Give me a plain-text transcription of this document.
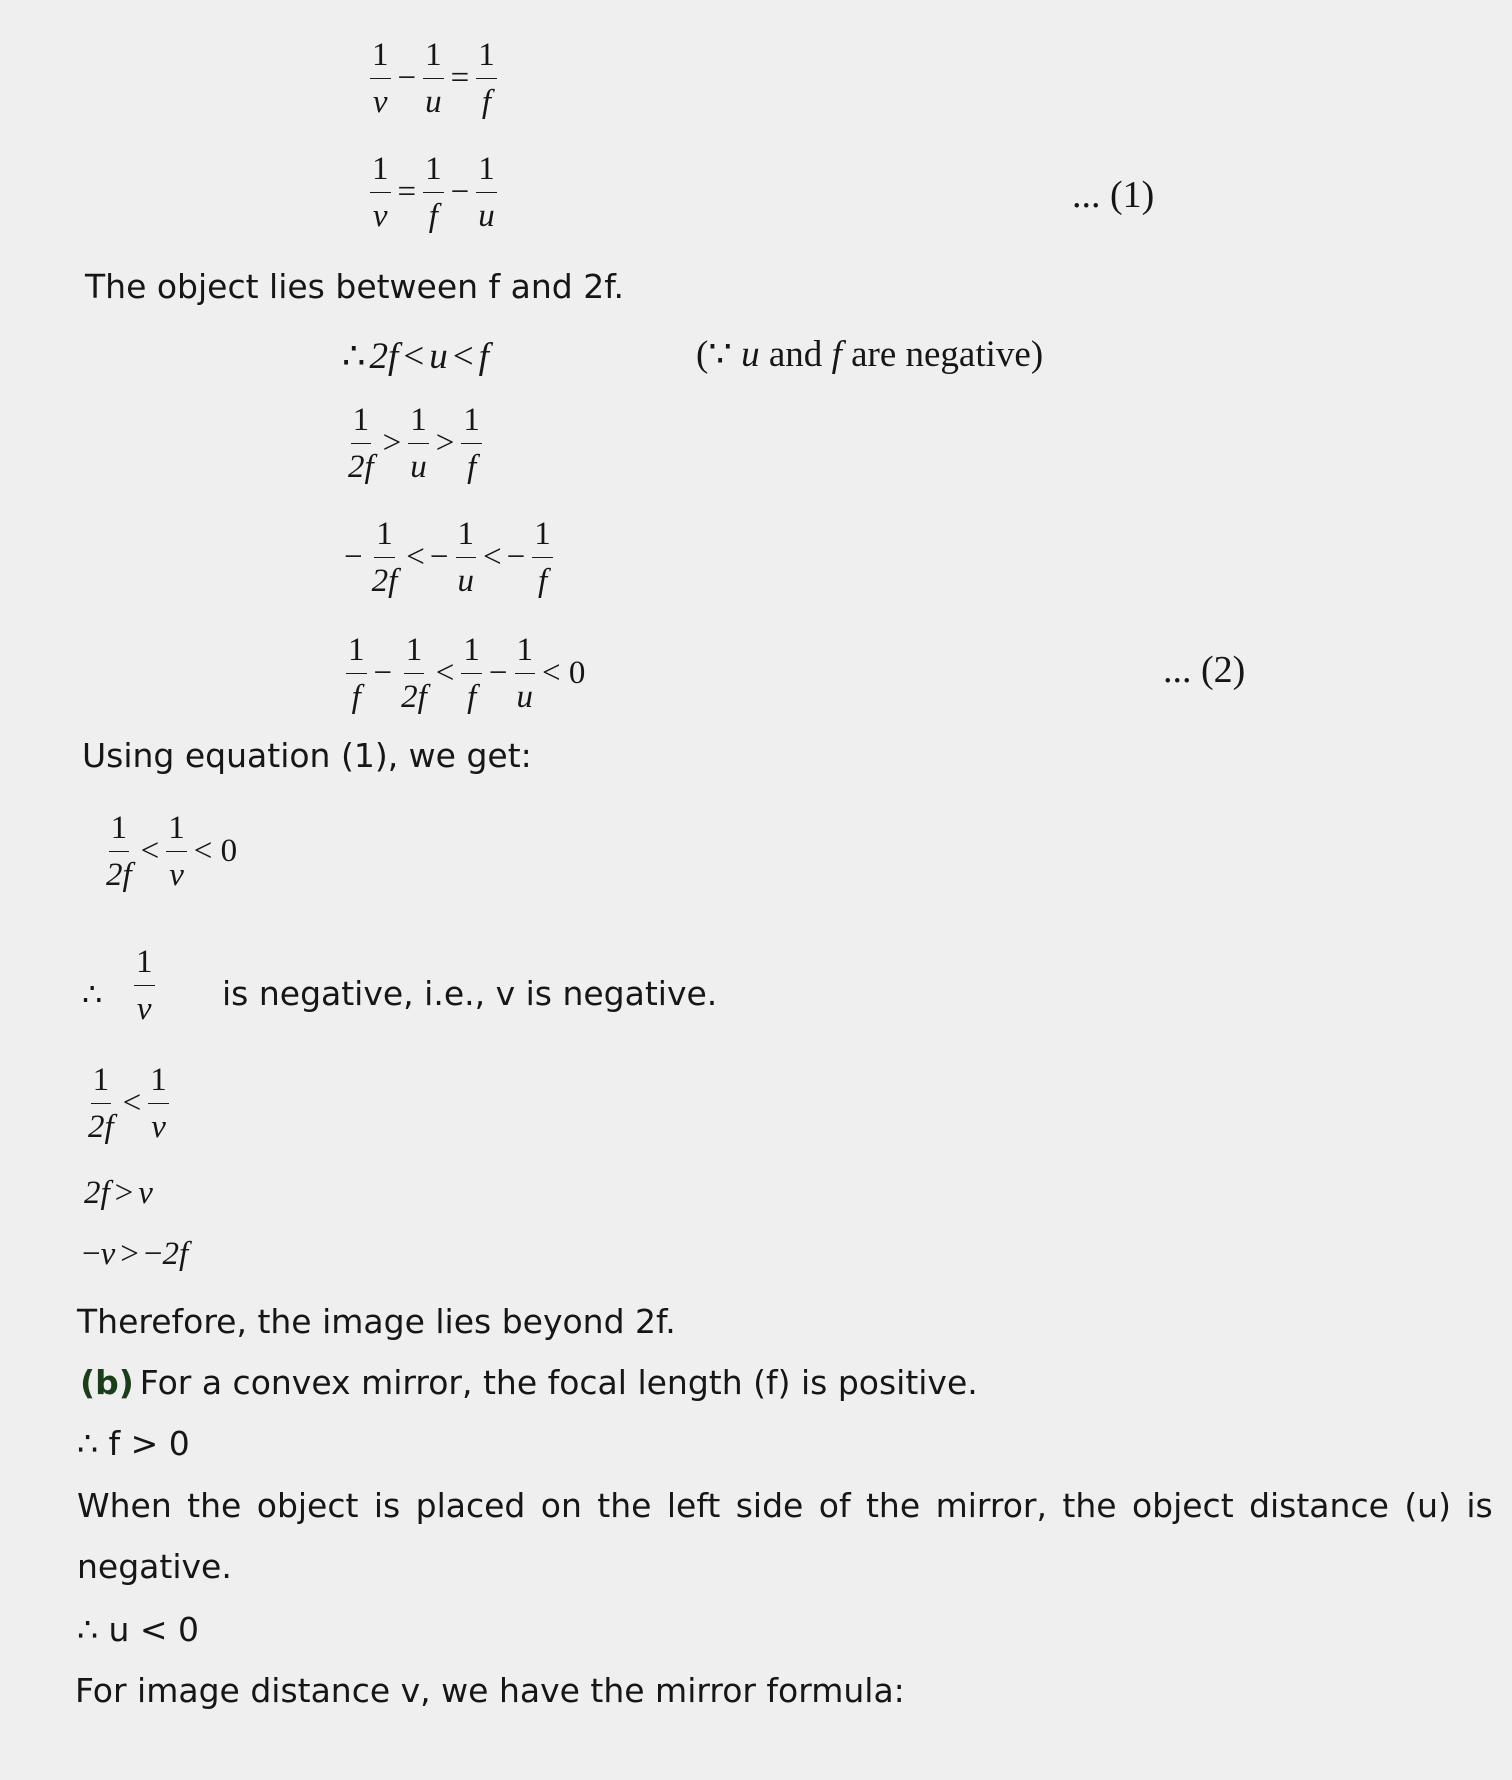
1
v
− $\frac{1}{u} = \frac{1}{f}$
$\frac{1}{v} = \frac{1}{f} - \frac{1}{u}$	... (1)
The object lies between f and 2f.
∴ 2f < u < f	(∵ u and f are negative)
1
2f
>
1
u
>
1
f
− $\frac{1}{2f}$ < − $\frac{1}{u}$ < − $\frac{1}{f}$
1
f
− $\frac{1}{2f}$ <
1
f
− $\frac{1}{u} < 0$	... (2)
Using equation (1), we get:
1
2f
<
1
v
< 0
∴
1
v is negative, i.e., v is negative.
1
2f
<
1
v
2f > v
− v > − 2f
Therefore, the image lies beyond 2f.
(b) For a convex mirror, the focal length (f) is positive.
∴ f > 0
When the object is placed on the left side of the mirror, the object distance (u) is
negative.
∴ u < 0
For image distance v, we have the mirror formula:
